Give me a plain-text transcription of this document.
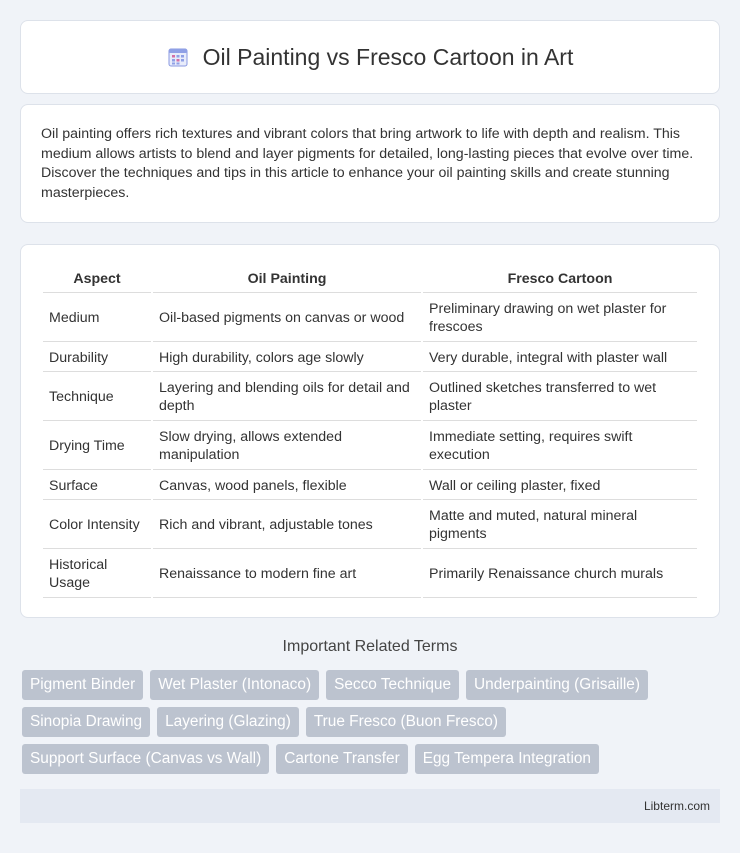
Oil Painting vs Fresco Cartoon in Art

Oil painting offers rich textures and vibrant colors that bring artwork to life with depth and realism. This medium allows artists to blend and layer pigments for detailed, long-lasting pieces that evolve over time. Discover the techniques and tips in this article to enhance your oil painting skills and create stunning masterpieces.

Aspect	Oil Painting	Fresco Cartoon
Medium	Oil-based pigments on canvas or wood	Preliminary drawing on wet plaster for frescoes
Durability	High durability, colors age slowly	Very durable, integral with plaster wall
Technique	Layering and blending oils for detail and depth	Outlined sketches transferred to wet plaster
Drying Time	Slow drying, allows extended manipulation	Immediate setting, requires swift execution
Surface	Canvas, wood panels, flexible	Wall or ceiling plaster, fixed
Color Intensity	Rich and vibrant, adjustable tones	Matte and muted, natural mineral pigments
Historical Usage	Renaissance to modern fine art	Primarily Renaissance church murals
Important Related Terms
Pigment Binder	Wet Plaster (Intonaco)	Secco Technique	Underpainting (Grisaille)
Sinopia Drawing	Layering (Glazing)	True Fresco (Buon Fresco)
Support Surface (Canvas vs Wall)	Cartone Transfer	Egg Tempera Integration
Libterm.com
